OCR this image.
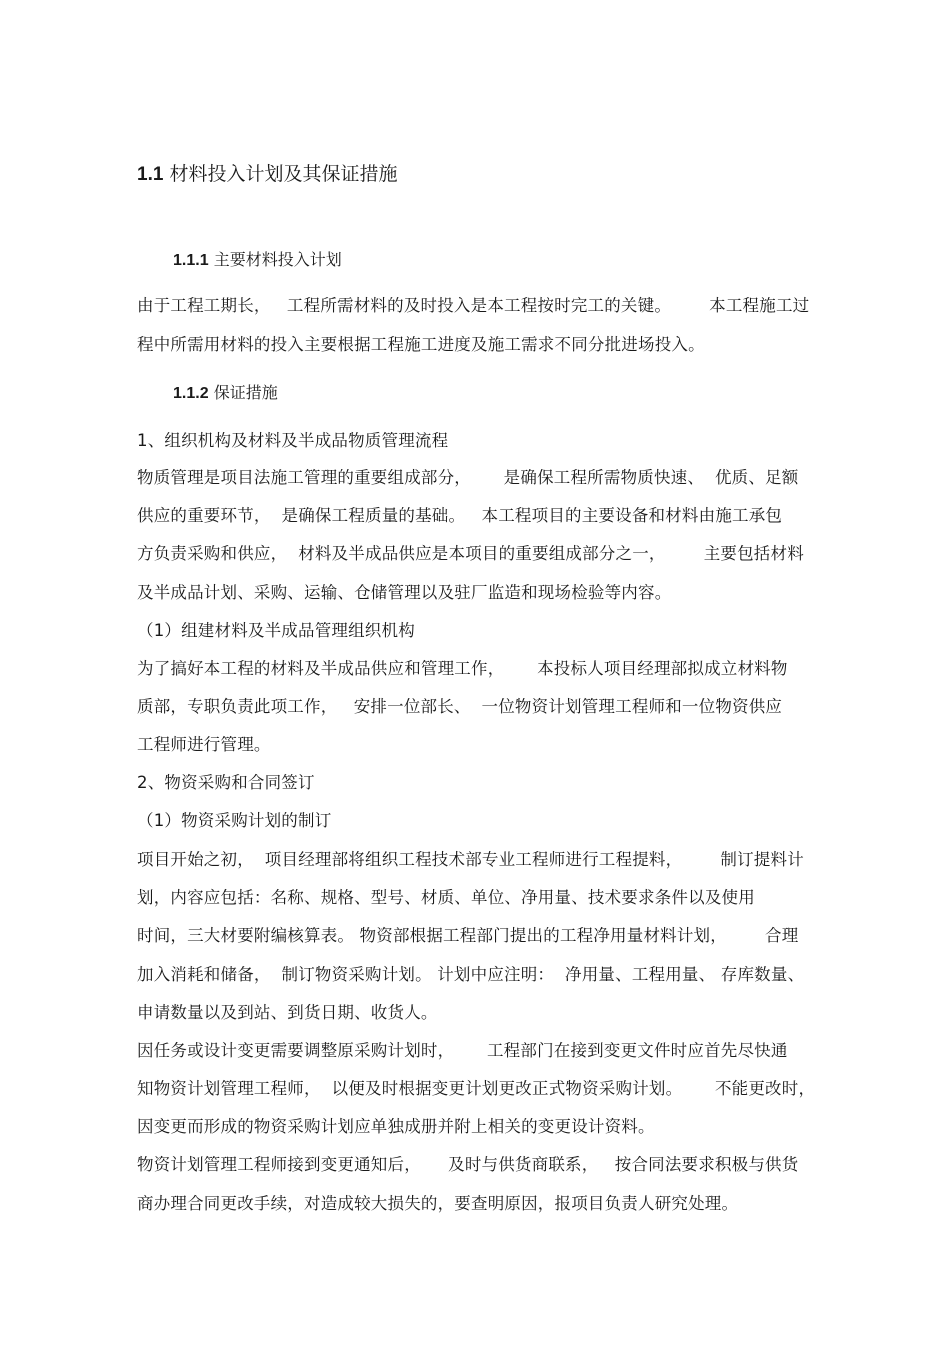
1.1 材料投入计划及其保证措施
1.1.1 主要材料投入计划
由于工程工期长，   工程所需材料的及时投入是本工程按时完工的关键。       本工程施工过
程中所需用材料的投入主要根据工程施工进度及施工需求不同分批进场投入。
1.1.2 保证措施
1、组织机构及材料及半成品物质管理流程
物质管理是项目法施工管理的重要组成部分，      是确保工程所需物质快速、  优质、足额
供应的重要环节，  是确保工程质量的基础。   本工程项目的主要设备和材料由施工承包
方负责采购和供应，  材料及半成品供应是本项目的重要组成部分之一，       主要包括材料
及半成品计划、采购、运输、仓储管理以及驻厂监造和现场检验等内容。
（1）组建材料及半成品管理组织机构
为了搞好本工程的材料及半成品供应和管理工作，      本投标人项目经理部拟成立材料物
质部，专职负责此项工作，   安排一位部长、  一位物资计划管理工程师和一位物资供应
工程师进行管理。
2、物资采购和合同签订
（1）物资采购计划的制订
项目开始之初，  项目经理部将组织工程技术部专业工程师进行工程提料，       制订提料计
划，内容应包括：名称、规格、型号、材质、单位、净用量、技术要求条件以及使用
时间，三大材要附编核算表。 物资部根据工程部门提出的工程净用量材料计划，       合理
加入消耗和储备，  制订物资采购计划。 计划中应注明：  净用量、工程用量、 存库数量、
申请数量以及到站、到货日期、收货人。
因任务或设计变更需要调整原采购计划时，      工程部门在接到变更文件时应首先尽快通
知物资计划管理工程师，  以便及时根据变更计划更改正式物资采购计划。      不能更改时，
因变更而形成的物资采购计划应单独成册并附上相关的变更设计资料。
物资计划管理工程师接到变更通知后，     及时与供货商联系，   按合同法要求积极与供货
商办理合同更改手续，对造成较大损失的，要查明原因，报项目负责人研究处理。
